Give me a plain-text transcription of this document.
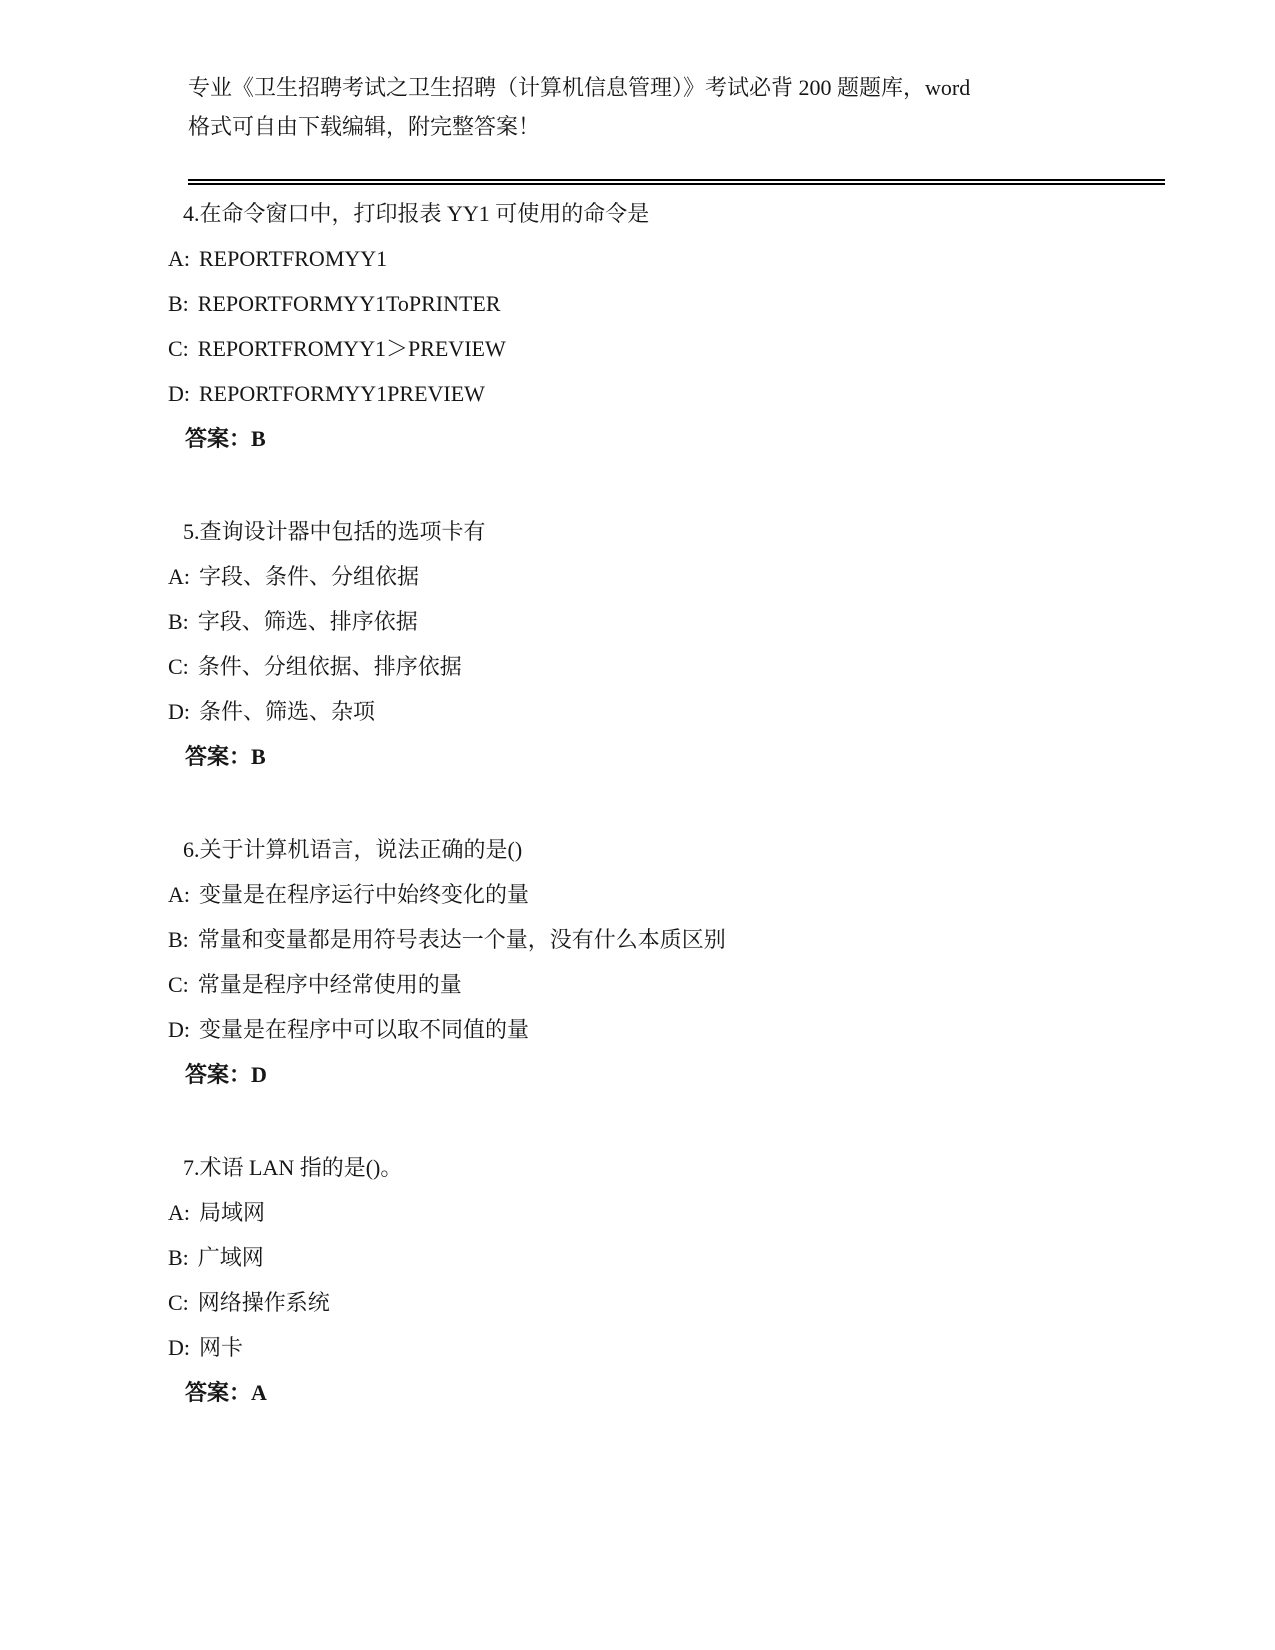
专业《卫生招聘考试之卫生招聘（计算机信息管理）》考试必背 200 题题库，word
格式可自由下载编辑，附完整答案！

4.在命令窗口中，打印报表 YY1 可使用的命令是

A: REPORTFROMYY1

B: REPORTFORMYY1ToPRINTER

C: REPORTFROMYY1＞PREVIEW

D: REPORTFORMYY1PREVIEW

答案：B

5.查询设计器中包括的选项卡有

A: 字段、条件、分组依据

B: 字段、筛选、排序依据

C: 条件、分组依据、排序依据

D: 条件、筛选、杂项

答案：B

6.关于计算机语言，说法正确的是()

A: 变量是在程序运行中始终变化的量

B: 常量和变量都是用符号表达一个量，没有什么本质区别

C: 常量是程序中经常使用的量

D: 变量是在程序中可以取不同值的量

答案：D

7.术语 LAN 指的是()。

A: 局域网

B: 广域网

C: 网络操作系统

D: 网卡

答案：A
